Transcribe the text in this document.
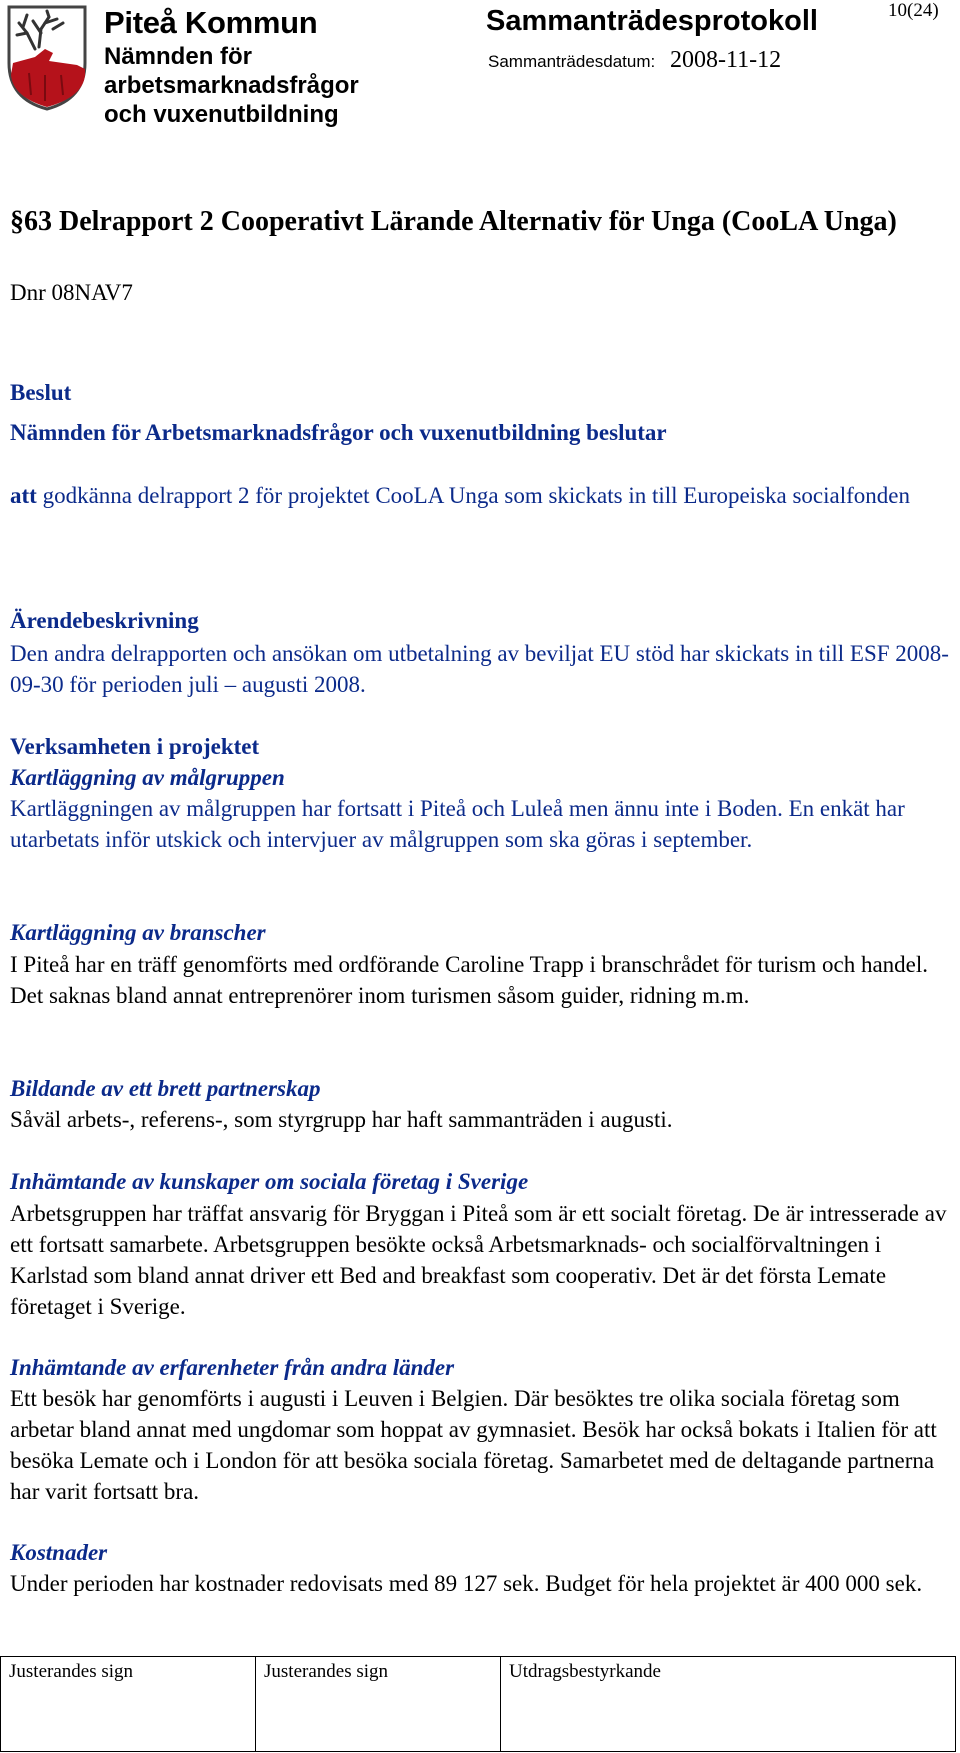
Piteå Kommun
Nämnden för
arbetsmarknadsfrågor
och vuxenutbildning
Sammanträdesprotokoll	10(24)
Sammanträdesdatum: 2008-11-12
§63 Delrapport 2 Cooperativt Lärande Alternativ för Unga (CooLA Unga)
Dnr 08NAV7
Beslut
Nämnden för Arbetsmarknadsfrågor och vuxenutbildning beslutar
att godkänna delrapport 2 för projektet CooLA Unga som skickats in till Europeiska socialfonden
Ärendebeskrivning
Den andra delrapporten och ansökan om utbetalning av beviljat EU stöd har skickats in till ESF 2008-09-30 för perioden juli – augusti 2008.
Verksamheten i projektet
Kartläggning av målgruppen
Kartläggningen av målgruppen har fortsatt i Piteå och Luleå men ännu inte i Boden. En enkät har utarbetats inför utskick och intervjuer av målgruppen som ska göras i september.
Kartläggning av branscher
I Piteå har en träff genomförts med ordförande Caroline Trapp i branschrådet för turism och handel. Det saknas bland annat entreprenörer inom turismen såsom guider, ridning m.m.
Bildande av ett brett partnerskap
Såväl arbets-, referens-, som styrgrupp har haft sammanträden i augusti.
Inhämtande av kunskaper om sociala företag i Sverige
Arbetsgruppen har träffat ansvarig för Bryggan i Piteå som är ett socialt företag. De är intresserade av ett fortsatt samarbete. Arbetsgruppen besökte också Arbetsmarknads- och socialförvaltningen i Karlstad som bland annat driver ett Bed and breakfast som cooperativ. Det är det första Lemate företaget i Sverige.
Inhämtande av erfarenheter från andra länder
Ett besök har genomförts i augusti i Leuven i Belgien. Där besöktes tre olika sociala företag som arbetar bland annat med ungdomar som hoppat av gymnasiet. Besök har också bokats i Italien för att besöka Lemate och i London för att besöka sociala företag. Samarbetet med de deltagande partnerna har varit fortsatt bra.
Kostnader
Under perioden har kostnader redovisats med 89 127 sek. Budget för hela projektet är 400 000 sek.
Justerandes sign	Justerandes sign	Utdragsbestyrkande
